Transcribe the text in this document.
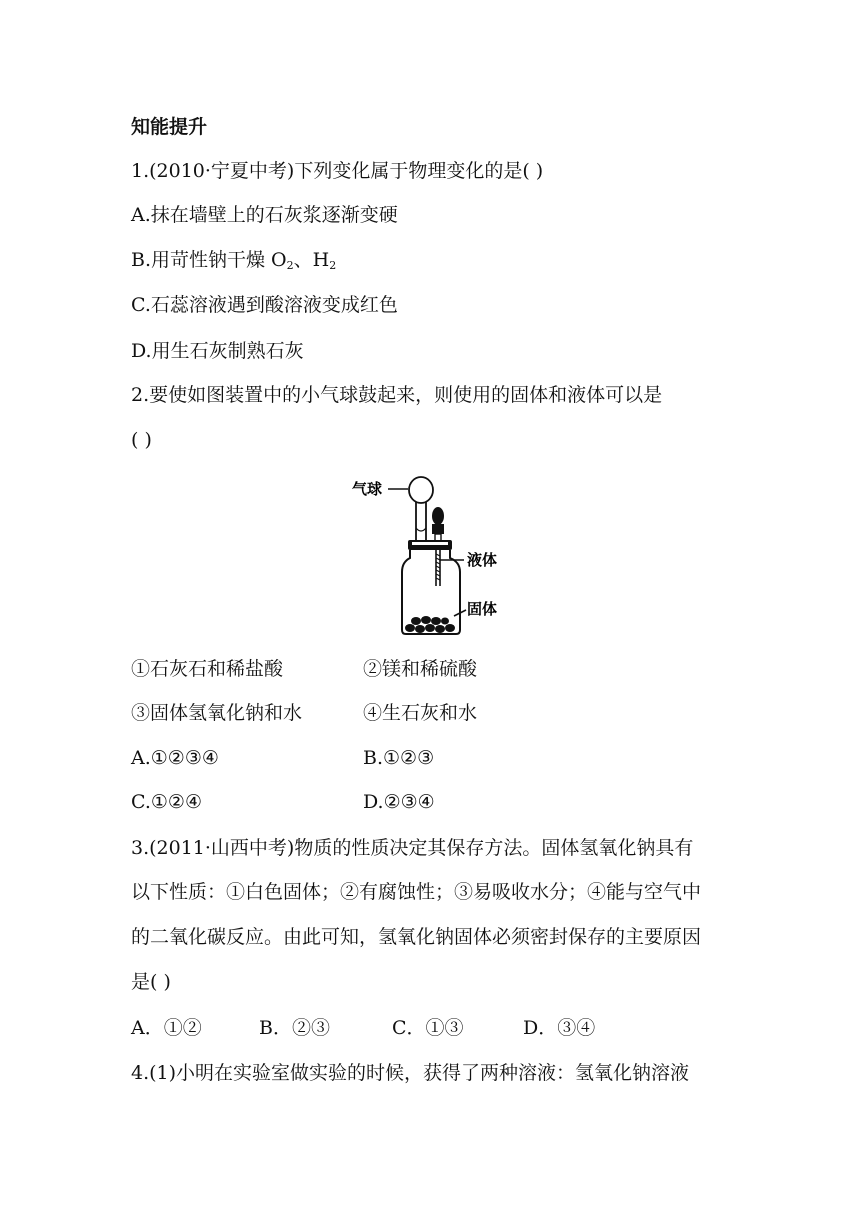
知能提升
1.(2010·宁夏中考)下列变化属于物理变化的是( )
A.抹在墙壁上的石灰浆逐渐变硬
B.用苛性钠干燥 $O_2$、$H_2$
C.石蕊溶液遇到酸溶液变成红色
D.用生石灰制熟石灰
2.要使如图装置中的小气球鼓起来，则使用的固体和液体可以是
( )
气球
液体
固体
①石灰石和稀盐酸	②镁和稀硫酸
③固体氢氧化钠和水	④生石灰和水
A.①②③④	B.①②③
C.①②④	D.②③④
3.(2011·山西中考)物质的性质决定其保存方法。固体氢氧化钠具有
以下性质：①白色固体；②有腐蚀性；③易吸收水分；④能与空气中
的二氧化碳反应。由此可知，氢氧化钠固体必须密封保存的主要原因
是( )
A．①②	B．②③	C．①③	D．③④
4.(1)小明在实验室做实验的时候，获得了两种溶液：氢氧化钠溶液
